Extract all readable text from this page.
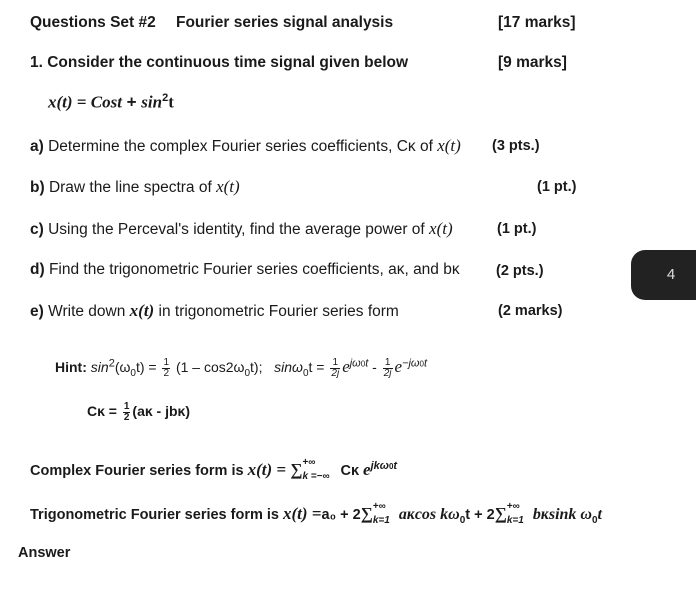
Questions Set #2 Fourier series signal analysis	[17 marks]
1. Consider the continuous time signal given below	[9 marks]
x(t) = Cost + $\sin^2t$
a) Determine the complex Fourier series coefficients, Cĸ of x(t) (3 pts.)
b) Draw the line spectra of x(t)	(1 pt.)
c) Using the Perceval's identity, find the average power of x(t)	(1 pt.)
d) Find the trigonometric Fourier series coefficients, aĸ, and bĸ	(2 pts.)
e) Write down x(t) in trigonometric Fourier series form	(2 marks)
4
Hint: $\sin^2(\omega_0t) = \frac{1}{2} (1 - \cos 2\omega_0t)$; $\sin\omega_0t = \frac{1}{2j} e^{j\omega 0t} - \frac{1}{2j} e^{-j\omega 0t}$
Cĸ = $\frac{1}{2}$ (aĸ - jbĸ)
Complex Fourier series form is x(t) = ∑ +∞
k =−∞ Cĸ $e^{jk\omega 0t}$
Trigonometric Fourier series form is x(t) =a₀ + 2∑ +∞
k=1 aĸcos $k\omega_0t + 2\sum$ +∞
k=1 bĸsink $\omega_0t$
Answer
